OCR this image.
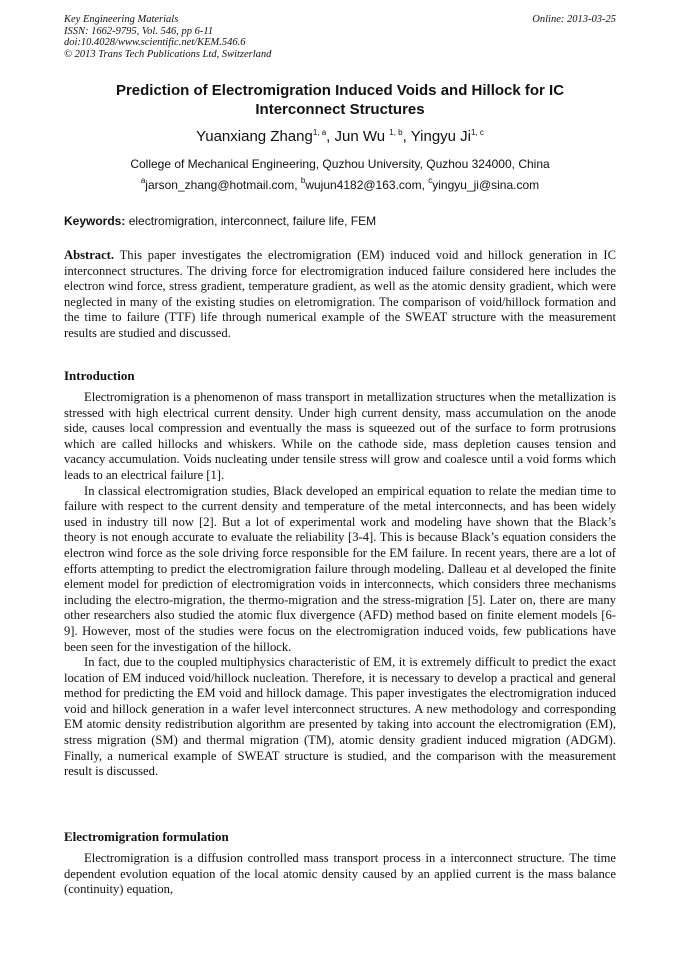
Key Engineering Materials
ISSN: 1662-9795, Vol. 546, pp 6-11
doi:10.4028/www.scientific.net/KEM.546.6
© 2013 Trans Tech Publications Ltd, Switzerland
Online: 2013-03-25
Prediction of Electromigration Induced Voids and Hillock for IC
Interconnect Structures
Yuanxiang Zhang$^{1, a}$, Jun Wu $^{1, b}$, Yingyu Ji$^{1, c}$
College of Mechanical Engineering, Quzhou University, Quzhou 324000, China
$^a$jarson_zhang@hotmail.com, $^b$wujun4182@163.com, $^c$yingyu_ji@sina.com
Keywords: electromigration, interconnect, failure life, FEM

Abstract. This paper investigates the electromigration (EM) induced void and hillock generation in IC interconnect structures. The driving force for electromigration induced failure considered here includes the electron wind force, stress gradient, temperature gradient, as well as the atomic density gradient, which were neglected in many of the existing studies on eletromigration. The comparison of void/hillock formation and the time to failure (TTF) life through numerical example of the SWEAT structure with the measurement results are studied and discussed.

Introduction

Electromigration is a phenomenon of mass transport in metallization structures when the metallization is stressed with high electrical current density. Under high current density, mass accumulation on the anode side, causes local compression and eventually the mass is squeezed out of the surface to form protrusions which are called hillocks and whiskers. While on the cathode side, mass depletion causes tension and vacancy accumulation. Voids nucleating under tensile stress will grow and coalesce until a void forms which leads to an electrical failure [1].

In classical electromigration studies, Black developed an empirical equation to relate the median time to failure with respect to the current density and temperature of the metal interconnects, and has been widely used in industry till now [2]. But a lot of experimental work and modeling have shown that the Black’s theory is not enough accurate to evaluate the reliability [3-4]. This is because Black’s equation considers the electron wind force as the sole driving force responsible for the EM failure. In recent years, there are a lot of efforts attempting to predict the electromigration failure through modeling. Dalleau et al developed the finite element model for prediction of electromigration voids in interconnects, which considers three mechanisms including the electro-migration, the thermo-migration and the stress-migration [5]. Later on, there are many other researchers also studied the atomic flux divergence (AFD) method based on finite element models [6-9]. However, most of the studies were focus on the electromigration induced voids, few publications have been seen for the investigation of the hillock.

In fact, due to the coupled multiphysics characteristic of EM, it is extremely difficult to predict the exact location of EM induced void/hillock nucleation. Therefore, it is necessary to develop a practical and general method for predicting the EM void and hillock damage. This paper investigates the electromigration induced void and hillock generation in a wafer level interconnect structures. A new methodology and corresponding EM atomic density redistribution algorithm are presented by taking into account the electromigration (EM), stress migration (SM) and thermal migration (TM), atomic density gradient induced migration (ADGM). Finally, a numerical example of SWEAT structure is studied, and the comparison with the measurement result is discussed.

Electromigration formulation

Electromigration is a diffusion controlled mass transport process in a interconnect structure. The time dependent evolution equation of the local atomic density caused by an applied current is the mass balance (continuity) equation,
